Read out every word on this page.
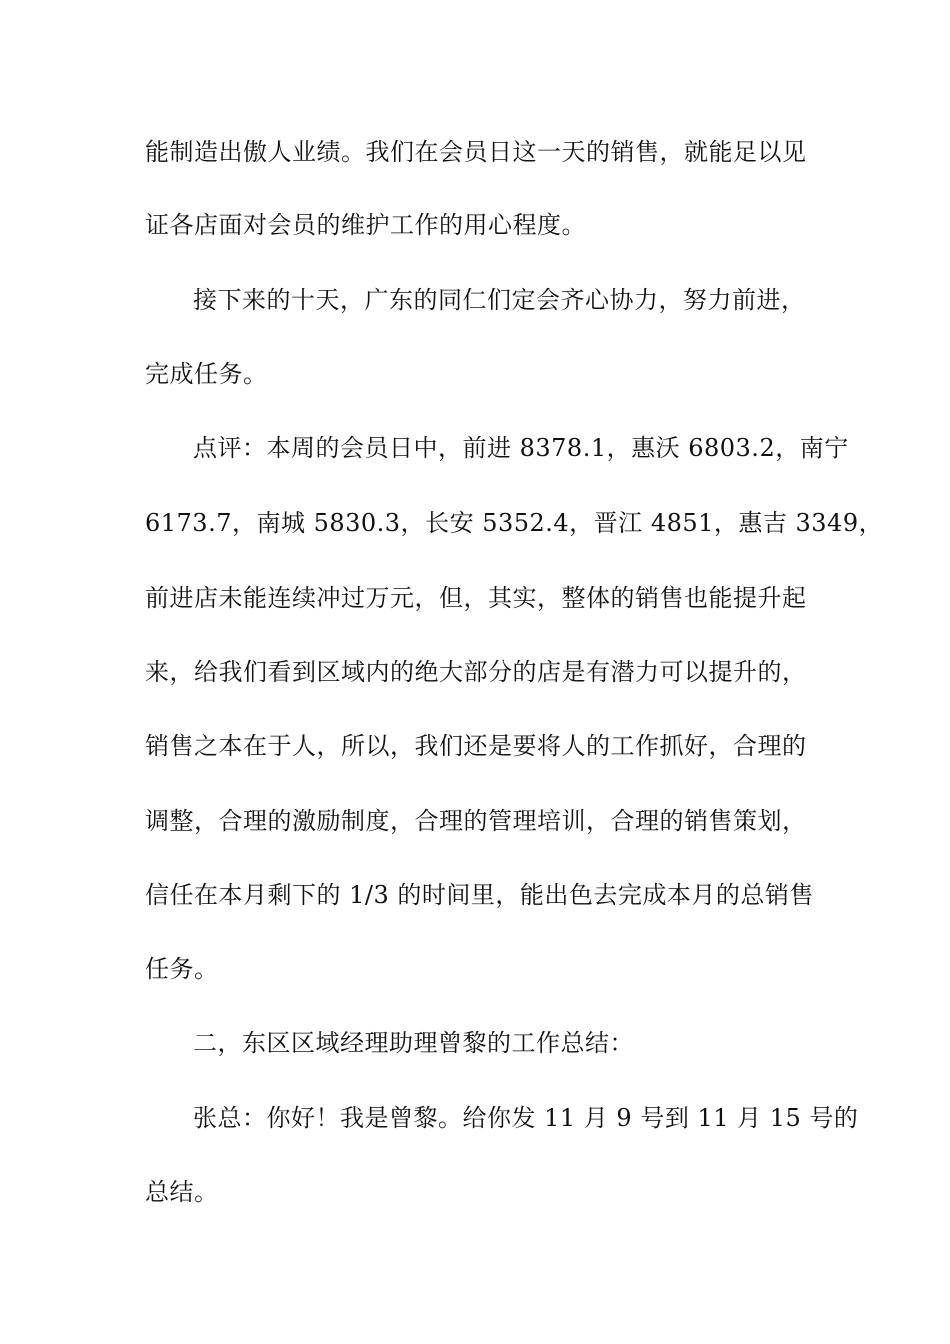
能制造出傲人业绩。我们在会员日这一天的销售，就能足以见

证各店面对会员的维护工作的用心程度。

接下来的十天，广东的同仁们定会齐心协力，努力前进，

完成任务。

点评：本周的会员日中，前进 8378.1，惠沃 6803.2，南宁

6173.7，南城 5830.3，长安 5352.4，晋江 4851，惠吉 3349，

前进店未能连续冲过万元，但，其实，整体的销售也能提升起

来，给我们看到区域内的绝大部分的店是有潜力可以提升的，

销售之本在于人，所以，我们还是要将人的工作抓好，合理的

调整，合理的激励制度，合理的管理培训，合理的销售策划，

信任在本月剩下的 1/3 的时间里，能出色去完成本月的总销售

任务。

二，东区区域经理助理曾黎的工作总结：

张总：你好！我是曾黎。给你发 11 月 9 号到 11 月 15 号的

总结。
